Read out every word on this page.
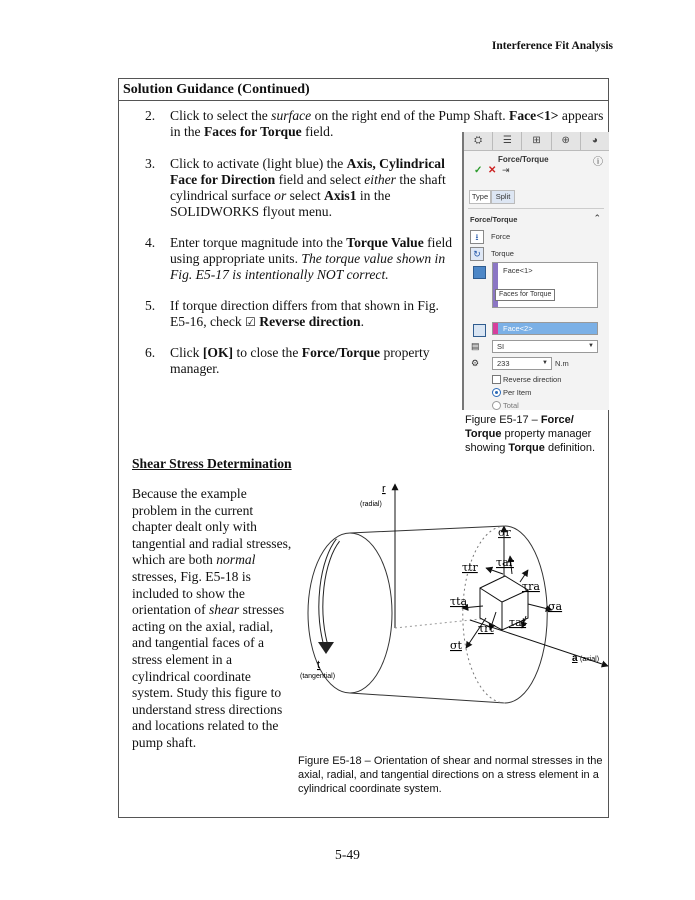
Interference Fit Analysis
Solution Guidance (Continued)
2. Click to select the surface on the right end of the Pump Shaft. Face<1> appears
in the Faces for Torque field.
3. Click to activate (light blue) the Axis, Cylindrical Face for Direction field and select either the shaft cylindrical surface or select Axis1 in the SOLIDWORKS flyout menu.
4. Enter torque magnitude into the Torque Value field using appropriate units. The torque value shown in Fig. E5-17 is intentionally NOT correct.
5. If torque direction differs from that shown in Fig. E5-16, check ☑ Reverse direction.
6. Click [OK] to close the Force/Torque property manager.
⛭	☰	⊞	⊕	◕
Force/Torque	ⓘ
✓ ✕ ⇥
Type	Split
Force/Torque	⌃
⭳	Force
↻	Torque
Face<1>
Faces for Torque
Face<2>
▤ SI	▼
⚙ 233	▼ N.m
Reverse direction
Per Item
Total
Figure E5-17 – Force/ Torque property manager showing Torque definition.
Shear Stress Determination
Because the example problem in the current chapter dealt only with tangential and radial stresses, which are both normal stresses, Fig. E5-18 is included to show the orientation of shear stresses acting on the axial, radial, and tangential faces of a stress element in a cylindrical coordinate system. Study this figure to understand stress directions and locations related to the pump shaft.
r
(radial)
t
(tangential)
a (axial)
σr
σa
σt
τtr τar
τra
τat
τta
τrt
Figure E5-18 – Orientation of shear and normal stresses in the axial, radial, and tangential directions on a stress element in a cylindrical coordinate system.
5-49
